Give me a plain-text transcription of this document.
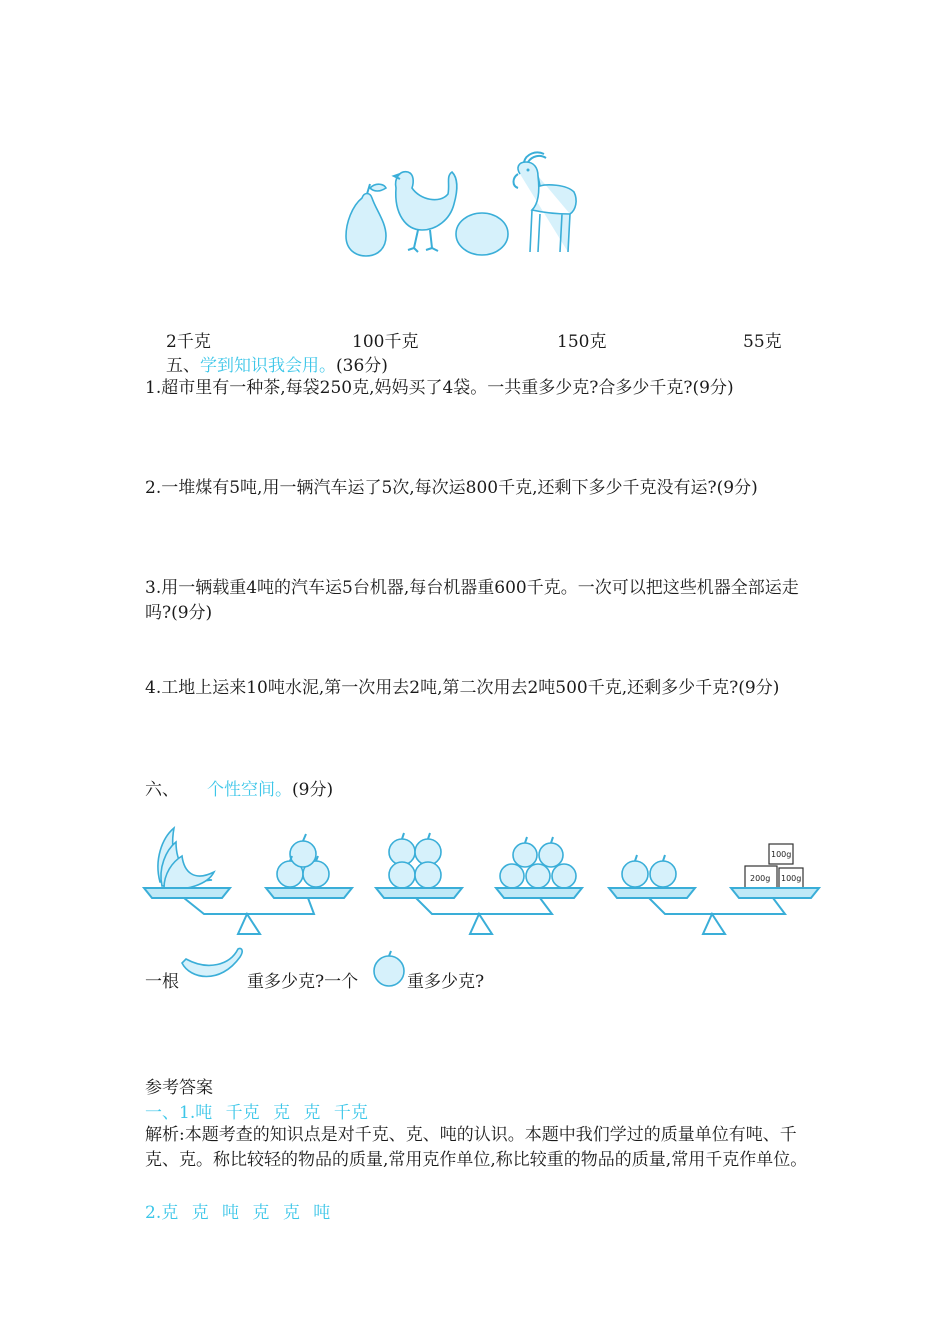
2千克	100千克	150克	55克
五、学到知识我会用。(36分)
1.超市里有一种茶,每袋250克,妈妈买了4袋。一共重多少克?合多少千克?(9分)
2.一堆煤有5吨,用一辆汽车运了5次,每次运800千克,还剩下多少千克没有运?(9分)
3.用一辆载重4吨的汽车运5台机器,每台机器重600千克。一次可以把这些机器全部运走吗?(9分)
4.工地上运来10吨水泥,第一次用去2吨,第二次用去2吨500千克,还剩多少千克?(9分)
六、 个性空间。(9分)
200g
100g
100g
一根	重多少克?一个	重多少克?
参考答案
一、1.吨 千克 克 克 千克
解析:本题考查的知识点是对千克、克、吨的认识。本题中我们学过的质量单位有吨、千克、克。称比较轻的物品的质量,常用克作单位,称比较重的物品的质量,常用千克作单位。
2.克 克 吨 克 克 吨
